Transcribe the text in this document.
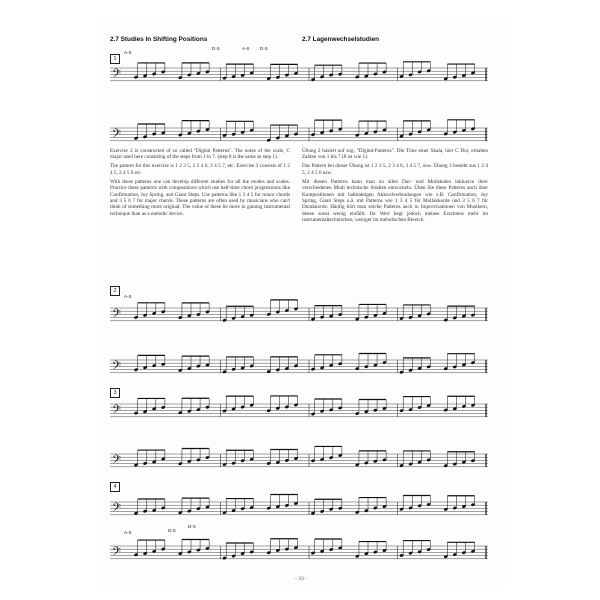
2.7 Studies In Shifting Positions	2.7 Lagenwechselstudien
1
𝄢
A-S
D-S	A-S D-S
𝄢

Exercise 2 is constructed of so called "Digital Patterns". The notes of the scale, C major used here consisting of the steps from 1 to 7. (step 8 is the same as step 1).

The pattern for this exercise is 1 2 3 5, 2 3 4 6, 3 4 5 7, etc. Exercise 3 consists of 1 2 4 5, 2 4 5 6 etc.

With these patterns one can develop different studies for all the modes and scales. Practice these patterns with compositions which use half-time chord progressions like Confirmation, Joy Spring, and Giant Steps. Use patterns like 1 3 4 5 for minor chords and 3 5 6 7 for major chords. These patterns are often used by musicians who can't think of something more original. The value of these lie more in gaining instrumental technique than as a melodic device.

Übung 2 basiert auf sog. "Digital-Patterns". Die Töne einer Skala, hier C Dur, erhalten Zahlen von 1 bis 7 (8 ist wie 1).

Das Pattern bei dieser Übung ist 1 2 3 5, 2 3 4 6, 3 4 5 7, usw. Übung 3 besteht aus 1 2 4 5, 2 4 5 6 usw.

Mit diesen Patterns kann man zu allen Dur- und Mollskalen inklusive ihrer verschiedenen Modi technische Studien entwickeln. Üben Sie diese Patterns auch über Kompositionen mit halbtaktigen Akkordverbindungen wie z.B. Confirmation, Joy Spring, Giant Steps u.ä. mit Patterns wie 1 3 4 5 für Mollakkorde und 3 5 6 7 für Durakkorde. Häufig hört man solche Patterns auch in Improvisationen von Musikern, denen sonst wenig einfällt. Ihr Wert liegt jedoch meines Erachtens mehr im instrumentaltechnischen, weniger im melodischen Bereich.

2
A-S
𝄢
𝄢
3
𝄢
𝄢
4
𝄢
A-S	D-S
D-S
𝄢
- 33 -
